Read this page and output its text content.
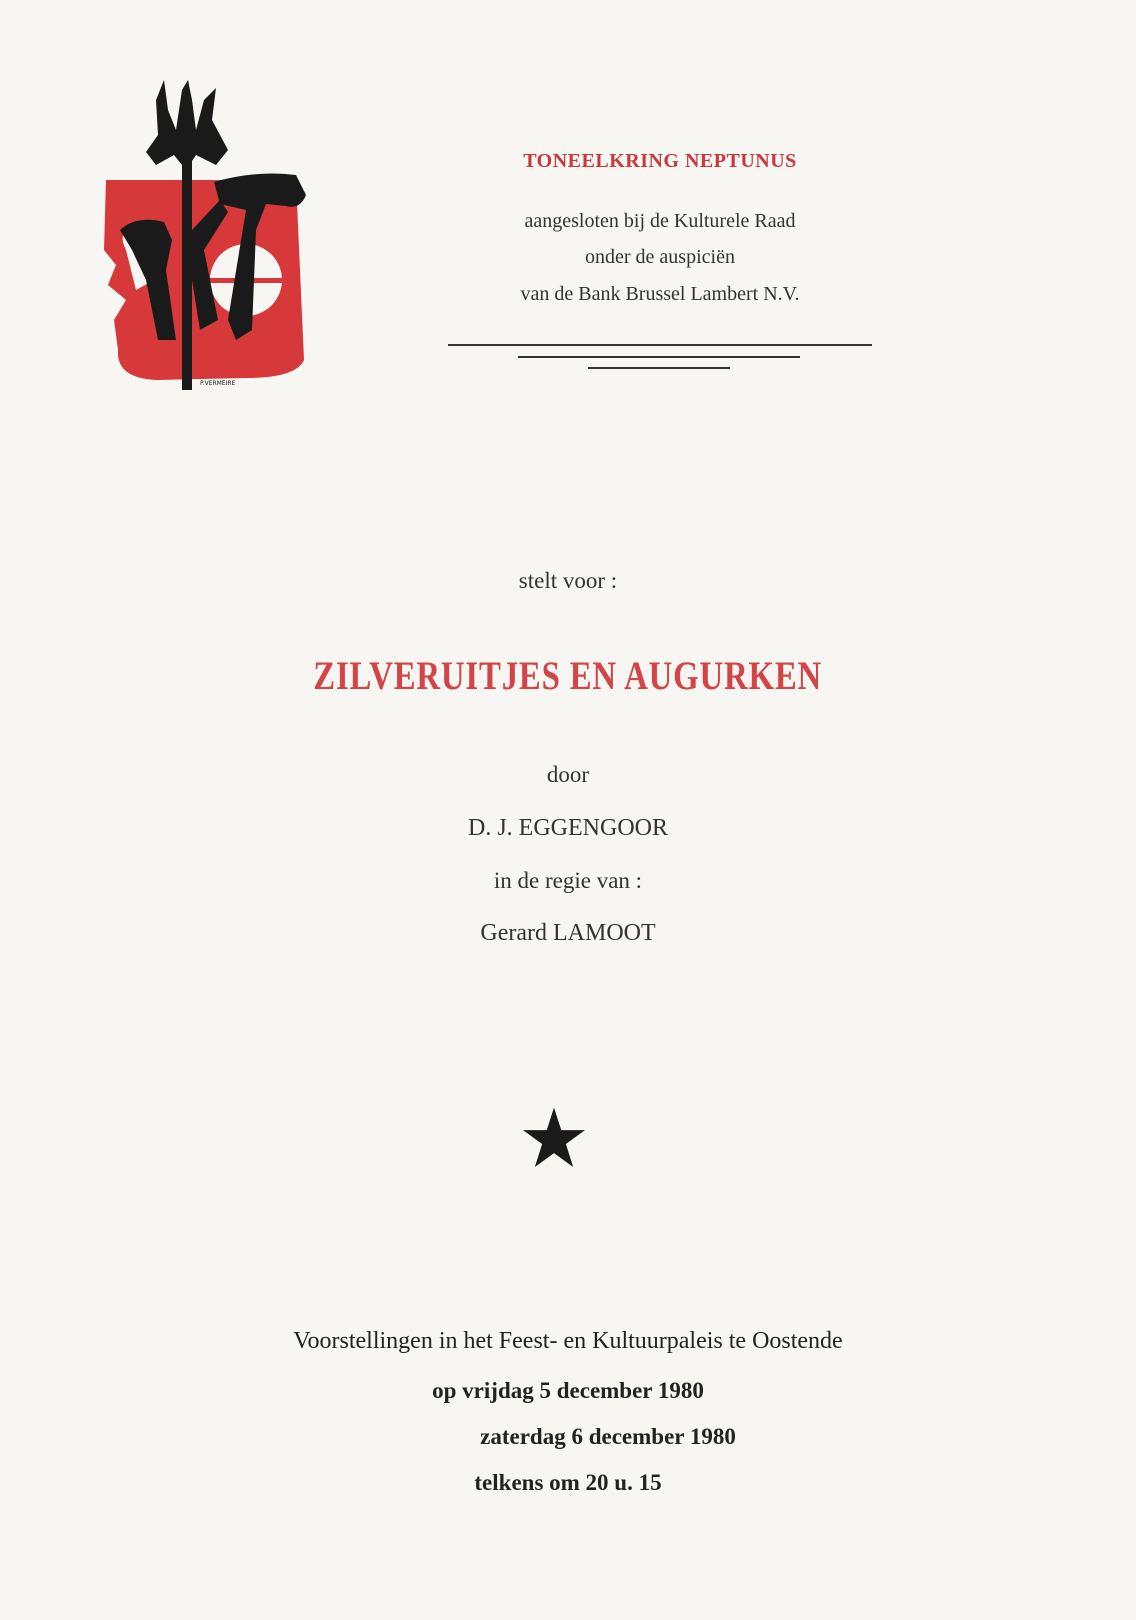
P.VERMEIRE
TONEELKRING NEPTUNUS
aangesloten bij de Kulturele Raad
onder de auspiciën
van de Bank Brussel Lambert N.V.
stelt voor :
ZILVERUITJES EN AUGURKEN
door
D. J. EGGENGOOR
in de regie van :
Gerard LAMOOT
Voorstellingen in het Feest- en Kultuurpaleis te Oostende
op vrijdag 5 december 1980
zaterdag 6 december 1980
telkens om 20 u. 15
